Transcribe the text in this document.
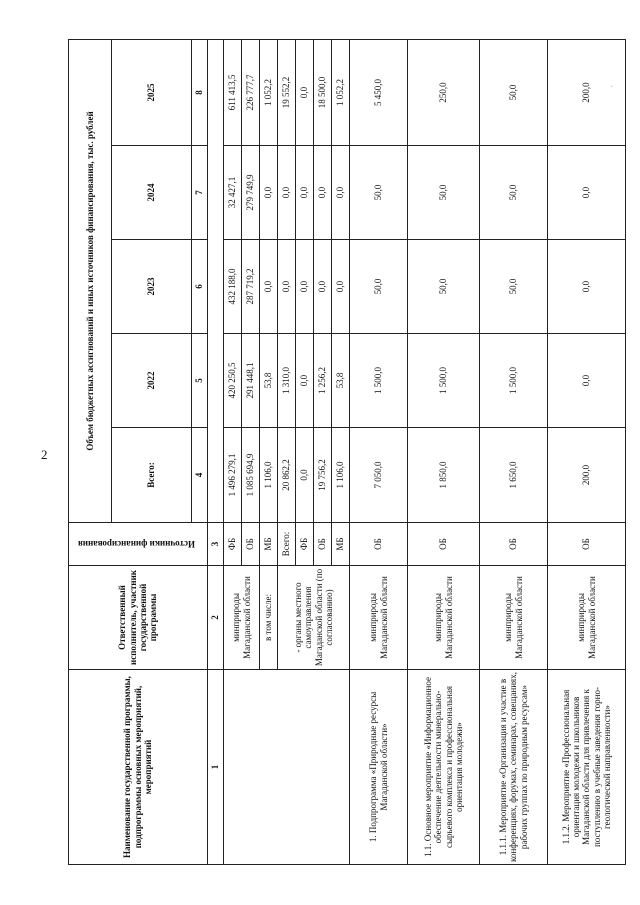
2
·
Наименование государственной программы, подпрограммы основных мероприятий, мероприятий	Ответственный исполнитель, участник государственной программы	Источники финансирования	Объем бюджетных ассигнований и иных источников финансирования, тыс. рублей				
			Всего:	2022	2023	2024	2025
			4	5	6	7	8
1	2	3					
	минприроды Магаданской области	ФБ	1 496 279,1	420 250,5	432 188,0	32 427,1	611 413,5
		ОБ	1 085 694,9	291 448,1	287 719,2	279 749,9	226 777,7
	в том числе:	МБ	1 106,0	53,8	0,0	0,0	1 052,2
	- органы местного самоуправления Магаданской области (по согласованию)	Всего:	20 862,2	1 310,0	0,0	0,0	19 552,2
		ФБ	0,0	0,0	0,0	0,0	0,0
		ОБ	19 756,2	1 256,2	0,0	0,0	18 500,0
		МБ	1 106,0	53,8	0,0	0,0	1 052,2
1. Подпрограмма «Природные ресурсы Магаданской области»	минприроды Магаданской области	ОБ	7 050,0	1 500,0	50,0	50,0	5 450,0
1.1. Основное мероприятие «Информационное обеспечение деятельности минерально-сырьевого комплекса и профессиональная ориентация молодежи»	минприроды Магаданской области	ОБ	1 850,0	1 500,0	50,0	50,0	250,0
1.1.1. Мероприятие «Организация и участие в конференциях, форумах, семинарах, совещаниях, рабочих группах по природным ресурсам»	минприроды Магаданской области	ОБ	1 650,0	1 500,0	50,0	50,0	50,0
1.1.2. Мероприятие «Профессиональная ориентация молодежи и школьников Магаданской области для привлечения к поступлению в учебные заведения горно-геологической направленности»	минприроды Магаданской области	ОБ	200,0	0,0	0,0	0,0	200,0
